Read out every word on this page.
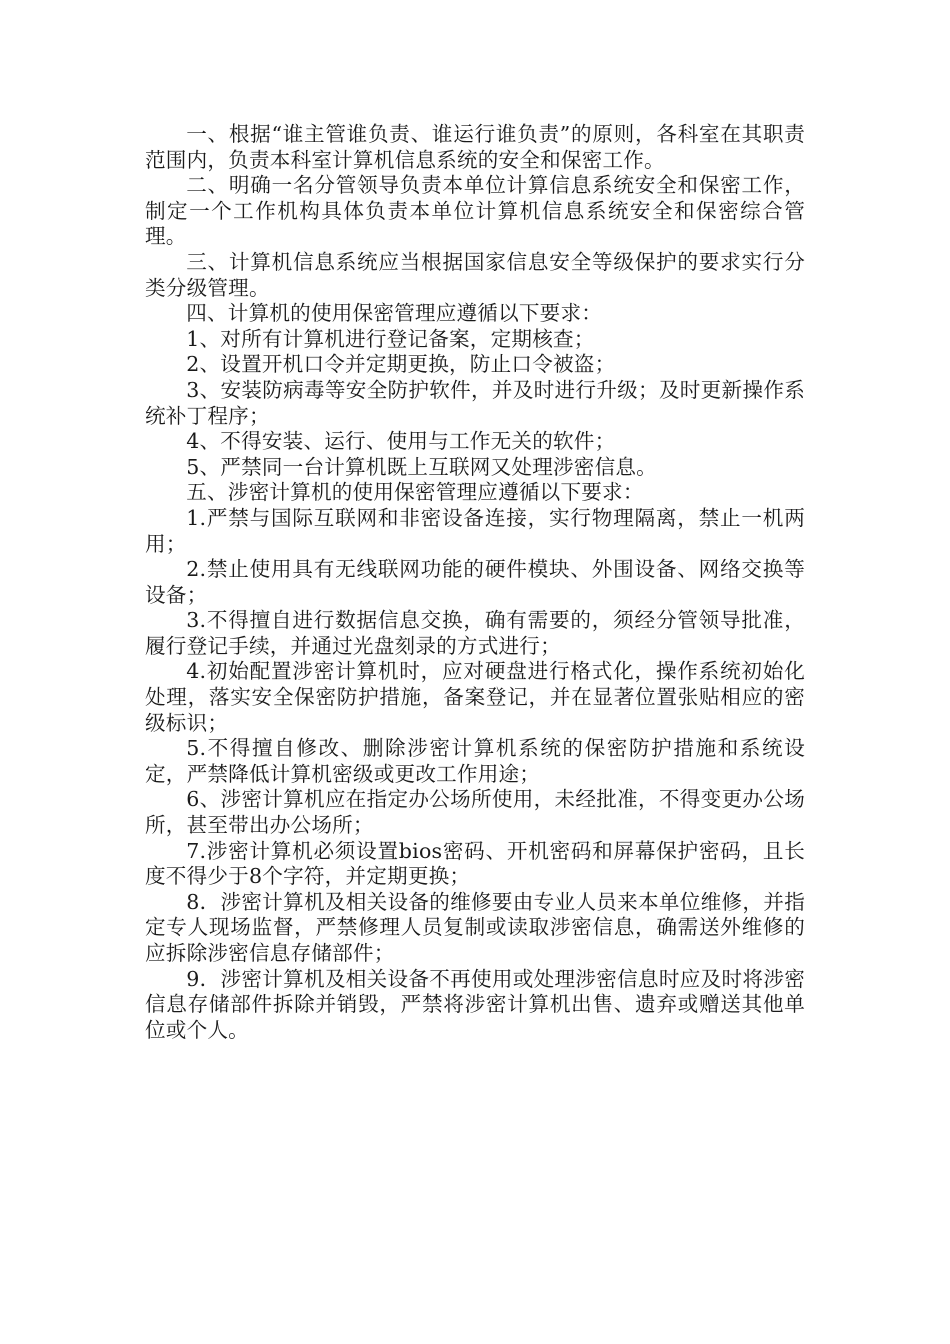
一、根据“谁主管谁负责、谁运行谁负责”的原则，各科室在其职责范围内，负责本科室计算机信息系统的安全和保密工作。

二、明确一名分管领导负责本单位计算信息系统安全和保密工作，制定一个工作机构具体负责本单位计算机信息系统安全和保密综合管理。

三、计算机信息系统应当根据国家信息安全等级保护的要求实行分类分级管理。

四、计算机的使用保密管理应遵循以下要求：

1、对所有计算机进行登记备案，定期核查；

2、设置开机口令并定期更换，防止口令被盗；

3、安装防病毒等安全防护软件，并及时进行升级；及时更新操作系统补丁程序；

4、不得安装、运行、使用与工作无关的软件；

5、严禁同一台计算机既上互联网又处理涉密信息。

五、涉密计算机的使用保密管理应遵循以下要求：

1.严禁与国际互联网和非密设备连接，实行物理隔离，禁止一机两用；

2.禁止使用具有无线联网功能的硬件模块、外围设备、网络交换等设备；

3.不得擅自进行数据信息交换，确有需要的，须经分管领导批准，履行登记手续，并通过光盘刻录的方式进行；

4.初始配置涉密计算机时，应对硬盘进行格式化，操作系统初始化处理，落实安全保密防护措施，备案登记，并在显著位置张贴相应的密级标识；

5.不得擅自修改、删除涉密计算机系统的保密防护措施和系统设定，严禁降低计算机密级或更改工作用途；

6、涉密计算机应在指定办公场所使用，未经批准，不得变更办公场所，甚至带出办公场所；

7.涉密计算机必须设置bios密码、开机密码和屏幕保护密码，且长度不得少于8个字符，并定期更换；

8．涉密计算机及相关设备的维修要由专业人员来本单位维修，并指定专人现场监督，严禁修理人员复制或读取涉密信息，确需送外维修的应拆除涉密信息存储部件；

9．涉密计算机及相关设备不再使用或处理涉密信息时应及时将涉密信息存储部件拆除并销毁，严禁将涉密计算机出售、遗弃或赠送其他单位或个人。
